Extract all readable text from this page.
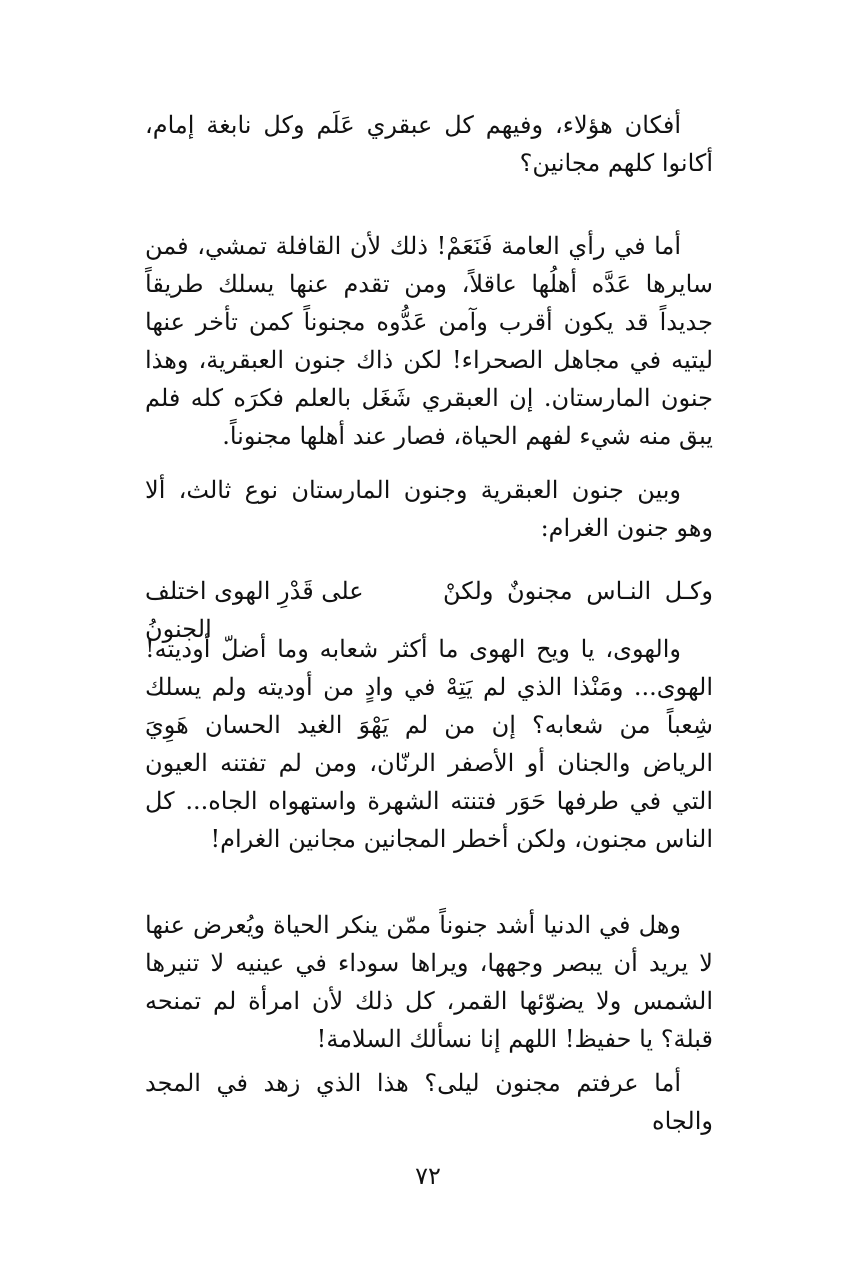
أفكان هؤلاء، وفيهم كل عبقري عَلَم وكل نابغة إمام، أكانوا كلهم مجانين؟

أما في رأي العامة فَنَعَمْ! ذلك لأن القافلة تمشي، فمن سايرها عَدَّه أهلُها عاقلاً، ومن تقدم عنها يسلك طريقاً جديداً قد يكون أقرب وآمن عَدُّوه مجنوناً كمن تأخر عنها ليتيه في مجاهل الصحراء! لكن ذاك جنون العبقرية، وهذا جنون المارستان. إن العبقري شَغَل بالعلم فكرَه كله فلم يبق منه شيء لفهم الحياة، فصار عند أهلها مجنوناً.

وبين جنون العبقرية وجنون المارستان نوع ثالث، ألا وهو جنون الغرام:

وكـل النـاس مجنونٌ ولكنْ
على قَدْرِ الهوى اختلف الجنونُ

والهوى، يا ويح الهوى ما أكثر شعابه وما أضلّ أوديته! الهوى... ومَنْذا الذي لم يَتِهْ في وادٍ من أوديته ولم يسلك شِعباً من شعابه؟ إن من لم يَهْوَ الغيد الحسان هَوِيَ الرياض والجنان أو الأصفر الرنّان، ومن لم تفتنه العيون التي في طرفها حَوَر فتنته الشهرة واستهواه الجاه... كل الناس مجنون، ولكن أخطر المجانين مجانين الغرام!

وهل في الدنيا أشد جنوناً ممّن ينكر الحياة ويُعرض عنها لا يريد أن يبصر وجهها، ويراها سوداء في عينيه لا تنيرها الشمس ولا يضوّئها القمر، كل ذلك لأن امرأة لم تمنحه قبلة؟ يا حفيظ! اللهم إنا نسألك السلامة!

أما عرفتم مجنون ليلى؟ هذا الذي زهد في المجد والجاه

٧٢
